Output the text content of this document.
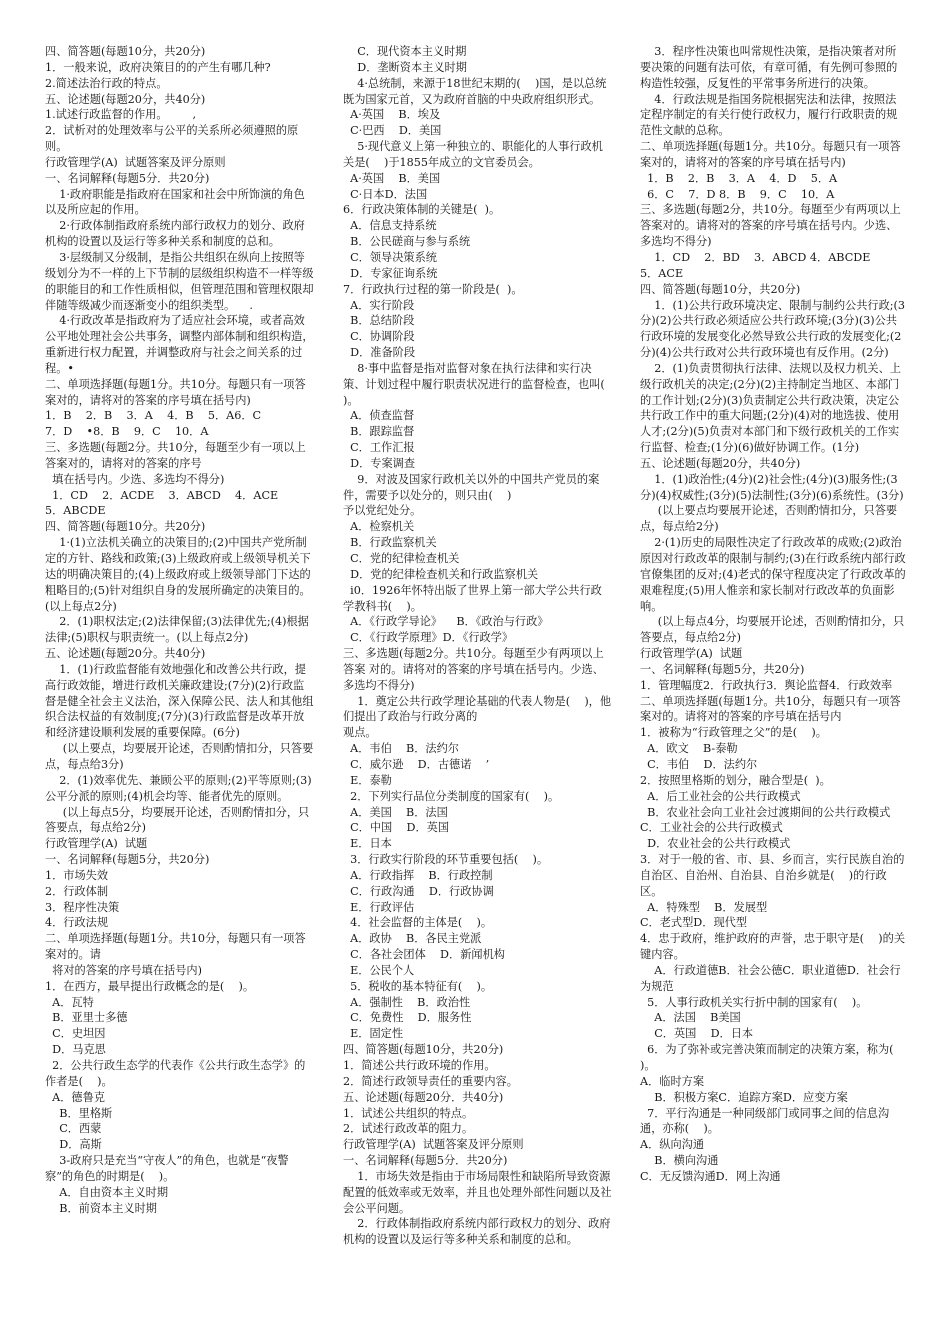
四、简答题(每题10分，共20分)

1．一般来说，政府决策目的的产生有哪几种?

2.简述法治行政的特点。

五、论述题(每题20分，共40分)

1.试述行政监督的作用。       ,

2．试析对的处理效率与公平的关系所必须遵照的原则。

行政管理学(A)  试题答案及评分原则

一、名词解释(每题5分．共20分)

1·政府职能是指政府在国家和社会中所饰演的角色以及所应起的作用。

2·行政体制指政府系统内部行政权力的划分、政府机构的设置以及运行等多种关系和制度的总和。

3·层级制又分级制，是指公共组织在纵向上按照等级划分为不一样的上下节制的层级组织构造不一样等级的职能目的和工作性质相似，但管理范围和管理权限却伴随等级减少而逐渐变小的组织类型。    .

4·行政改革是指政府为了适应社会环境，或者高效公平地处理社会公共事务，调整内部体制和组织构造，重新进行权力配置，并调整政府与社会之间关系的过程。•

二、单项选择题(每题1分。共10分。每题只有一项答案对的，请将对的答案的序号填在括号内)

1．B    2．B    3．A    4．B    5．A6．C

7．D    •8．B    9．C    10．A

三、多选题(每题2分。共10分，每题至少有一项以上答案对的，请将对的答案的序号

填在括号内。少选、多选均不得分)

1．CD    2．ACDE    3．ABCD    4．ACE

5．ABCDE

四、简答题(每题10分。共20分)

1·(1)立法机关确立的决策目的;(2)中国共产党所制定的方针、路线和政策;(3)上级政府或上级领导机关下达的明确决策目的;(4)上级政府或上级领导部门下达的粗略目的;(5)针对组织自身的发展所确定的决策目的。(以上每点2分)

2．(1)职权法定;(2)法律保留;(3)法律优先;(4)根据法律;(5)职权与职责统一。(以上每点2分)

五、论述题(每题20分。共40分)

1．(1)行政监督能有效地强化和改善公共行政，提高行政效能，增进行政机关廉政建设;(7分)(2)行政监督是健全社会主义法治，深入保障公民、法人和其他组织合法权益的有效制度;(7分)(3)行政监督是改革开放和经济建设顺利发展的重要保障。(6分)

(以上要点，均要展开论述，否则酌情扣分，只答要点，每点给3分)

2．(1)效率优先、兼顾公平的原则;(2)平等原则;(3)公平分派的原则;(4)机会均等、能者优先的原则。

(以上每点5分，均要展开论述，否则酌情扣分，只答要点，每点给2分)

行政管理学(A)  试题

一、名词解释(每题5分，共20分)

1．市场失效

2．行政体制

3．程序性决策

4．行政法规

二、单项选择题(每题1分。共10分，每题只有一项答案对的。请

将对的答案的序号填在括号内)

1．在西方，最早提出行政概念的是(    )。

A．瓦特

B．亚里士多德

C．史坦因

D．马克思

2．公共行政生态学的代表作《公共行政生态学》的作者是(    )。

A．德鲁克

B．里格斯

C．西蒙

D．高斯

3-政府只是充当“守夜人”的角色，也就是“夜警察”的角色的时期是(    )。

A．自由资本主义时期

B．前资本主义时期

C．现代资本主义时期

D．垄断资本主义时期

4·总统制，来源于18世纪末期的(    )国，是以总统既为国家元首，又为政府首脑的中央政府组织形式。

A·英国    B．埃及

C·巴西    D．美国

5·现代意义上第一种独立的、职能化的人事行政机关是(    )于1855年成立的文官委员会。

A·英国    B．美国

C·日本D．法国

6．行政决策体制的关键是(  )。

A．信息支持系统

B．公民磋商与参与系统

C．领导决策系统

D．专家征询系统

7．行政执行过程的第一阶段是(  )。

A．实行阶段

B．总结阶段

C．协调阶段

D．准备阶段

8·事中监督是指对监督对象在执行法律和实行决策、计划过程中履行职责状况进行的监督检查，也叫(  )。

A．侦查监督

B．跟踪监督

C．工作汇报

D．专案调查

9．对波及国家行政机关以外的中国共产党员的案件，需要予以处分的，则只由(    )

予以党纪处分。

A．检察机关

B．行政监察机关

C．党的纪律检查机关

D．党的纪律检查机关和行政监察机关

i0．1926年怀特出版了世界上第一部大学公共行政学教科书(    )。

A．《行政学导论》    B．《政治与行政》

C．《行政学原理》D．《行政学》

三、多选题(每题2分。共10分。每题至少有两项以上答案 对的。请将对的答案的序号填在括号内。少选、多选均不得分)

1．奠定公共行政学理论基础的代表人物是(    )，他们提出了政治与行政分离的

观点。

A．韦伯    B．法约尔

C．威尔逊    D．古德诺    ’

E．泰勒

2．下列实行品位分类制度的国家有(    )。

A．美国    B．法国

C．中国    D．英国

E．日本

3．行政实行阶段的环节重要包括(    )。

A．行政指挥    B．行政控制

C．行政沟通    D．行政协调

E．行政评估

4．社会监督的主体是(    )。

A．政协    B．各民主党派

C．各社会团体    D．新闻机构

E．公民个人

5．税收的基本特征有(    )。

A．强制性    B．政治性

C．免费性    D．服务性

E．固定性

四、简答题(每题10分，共20分)

1．简述公共行政环境的作用。

2．简述行政领导责任的重要内容。

五、论述题(每题20分．共40分)

1．试述公共组织的特点。

2．试述行政改革的阻力。

行政管理学(A)  试题答案及评分原则

一、名词解释(每题5分．共20分)

1．市场失效是指由于市场局限性和缺陷所导致资源配置的低效率或无效率，并且也处理外部性问题以及社会公平问题。

2．行政体制指政府系统内部行政权力的划分、政府机构的设置以及运行等多种关系和制度的总和。

3．程序性决策也叫常规性决策，是指决策者对所要决策的问题有法可依，有章可循，有先例可参照的构造性较强，反复性的平常事务所进行的决策。

4．行政法规是指国务院根据宪法和法律，按照法定程序制定的有关行使行政权力，履行行政职责的规范性文献的总称。

二、单项选择题(每题1分。共10分。每题只有一项答案对的，请将对的答案的序号填在括号内)

1．B    2．B    3．A    4．D    5．A

6．C    7．D 8．B    9．C    10．A

三、多选题(每题2分，共10分。每题至少有两项以上答案对的。请将对的答案的序号填在括号内。少选、多选均不得分)

1．CD    2．BD    3．ABCD 4．ABCDE

5．ACE

四、简答题(每题10分，共20分)

1．(1)公共行政环境决定、限制与制约公共行政;(3分)(2)公共行政必须适应公共行政环境;(3分)(3)公共行政环境的发展变化必然导致公共行政的发展变化;(2分)(4)公共行政对公共行政环境也有反作用。(2分)

2．(1)负责贯彻执行法律、法规以及权力机关、上级行政机关的决定;(2分)(2)主持制定当地区、本部门的工作计划;(2分)(3)负责制定公共行政决策，决定公共行政工作中的重大问题;(2分)(4)对的地选拔、使用人才;(2分)(5)负责对本部门和下级行政机关的工作实行监督、检查;(1分)(6)做好协调工作。(1分)

五、论述题(每题20分，共40分)

1．(1)政治性;(4分)(2)社会性;(4分)(3)服务性;(3分)(4)权威性;(3分)(5)法制性;(3分)(6)系统性。(3分)

(以上要点均要展开论述，否则酌情扣分，只答要点，每点给2分)

2·(1)历史的局限性决定了行政改革的成败;(2)政治原因对行政改革的限制与制约;(3)在行政系统内部行政官僚集团的反对;(4)老式的保守程度决定了行政改革的艰难程度;(5)用人惟亲和家长制对行政改革的负面影响。

(以上每点4分，均要展开论述，否则酌情扣分，只答要点，每点给2分)

行政管理学(A)  试题

一、名词解释(每题5分，共20分)

1．管理幅度2．行政执行3．舆论监督4．行政效率

二、单项选择题(每题1分。共10分，每题只有一项答案对的。请将对的答案的序号填在括号内

1．被称为“行政管理之父”的是(    )。

A．欧文    B-泰勒

C．韦伯    D．法约尔

2．按照里格斯的划分，融合型是(  )。

A．后工业社会的公共行政模式

B．农业社会向工业社会过渡期间的公共行政模式

C．工业社会的公共行政模式

D．农业社会的公共行政模式

3．对于一般的省、市、县、乡而言，实行民族自治的自治区、自治州、自治县、自治乡就是(    )的行政区。

A．特殊型    B．发展型

C．老式型D．现代型

4．忠于政府，维护政府的声誉，忠于职守是(    )的关键内容。

A．行政道德B．社会公德C．职业道德D．社会行为规范

5．人事行政机关实行折中制的国家有(    )。

A．法国    B美国

C．英国    D．日本

6．为了弥补或完善决策而制定的决策方案，称为(    )。

A．临时方案

B．积极方案C．追踪方案D．应变方案

7．平行沟通是一种同级部门或同事之间的信息沟通，亦称(    )。

A．纵向沟通

B．横向沟通

C．无反馈沟通D．网上沟通
